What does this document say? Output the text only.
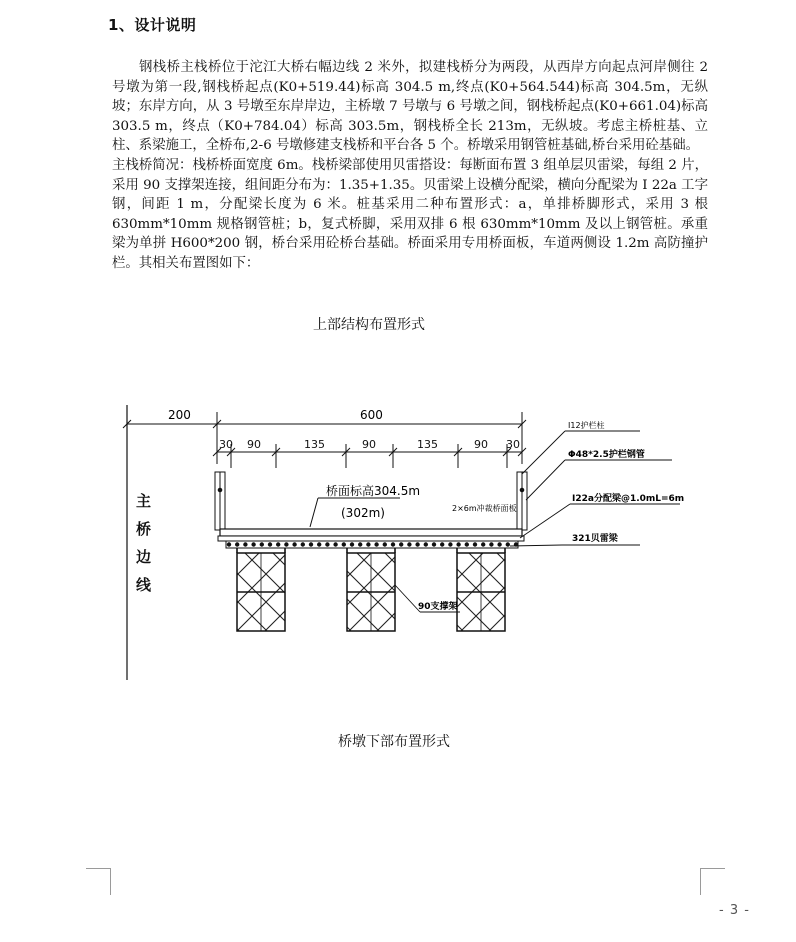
1、设计说明

钢栈桥主栈桥位于沱江大桥右幅边线 2 米外，拟建栈桥分为两段，从西岸方向起点河岸侧往 2 号墩为第一段,钢栈桥起点(K0+519.44)标高 304.5 m,终点(K0+564.544)标高 304.5m，无纵坡；东岸方向，从 3 号墩至东岸岸边，主桥墩 7 号墩与 6 号墩之间，钢栈桥起点(K0+661.04)标高 303.5 m，终点（K0+784.04）标高 303.5m，钢栈桥全长 213m，无纵坡。考虑主桥桩基、立柱、系梁施工，全桥布,2-6 号墩修建支栈桥和平台各 5 个。桥墩采用钢管桩基础,桥台采用砼基础。

主栈桥简况：栈桥桥面宽度 6m。栈桥梁部使用贝雷搭设：每断面布置 3 组单层贝雷梁，每组 2 片，采用 90 支撑架连接，组间距分布为：1.35+1.35。贝雷梁上设横分配梁，横向分配梁为 I 22a 工字钢，间距 1 m，分配梁长度为 6 米。桩基采用二种布置形式：a，单排桥脚形式，采用 3 根 630mm*10mm 规格钢管桩；b，复式桥脚，采用双排 6 根 630mm*10mm 及以上钢管桩。承重梁为单拼 H600*200 钢，桥台采用砼桥台基础。桥面采用专用桥面板，车道两侧设 1.2m 高防撞护栏。其相关布置图如下：

上部结构布置形式
主
桥
边
线
200	600
30 90	135	90	135	90 30
桥面标高304.5m
(302m)	2×6m冲裁桥面板
I12护栏柱
Φ48*2.5护栏钢管
I22a分配梁@1.0mL=6m
321贝雷梁
90支撑架
桥墩下部布置形式
- 3 -
